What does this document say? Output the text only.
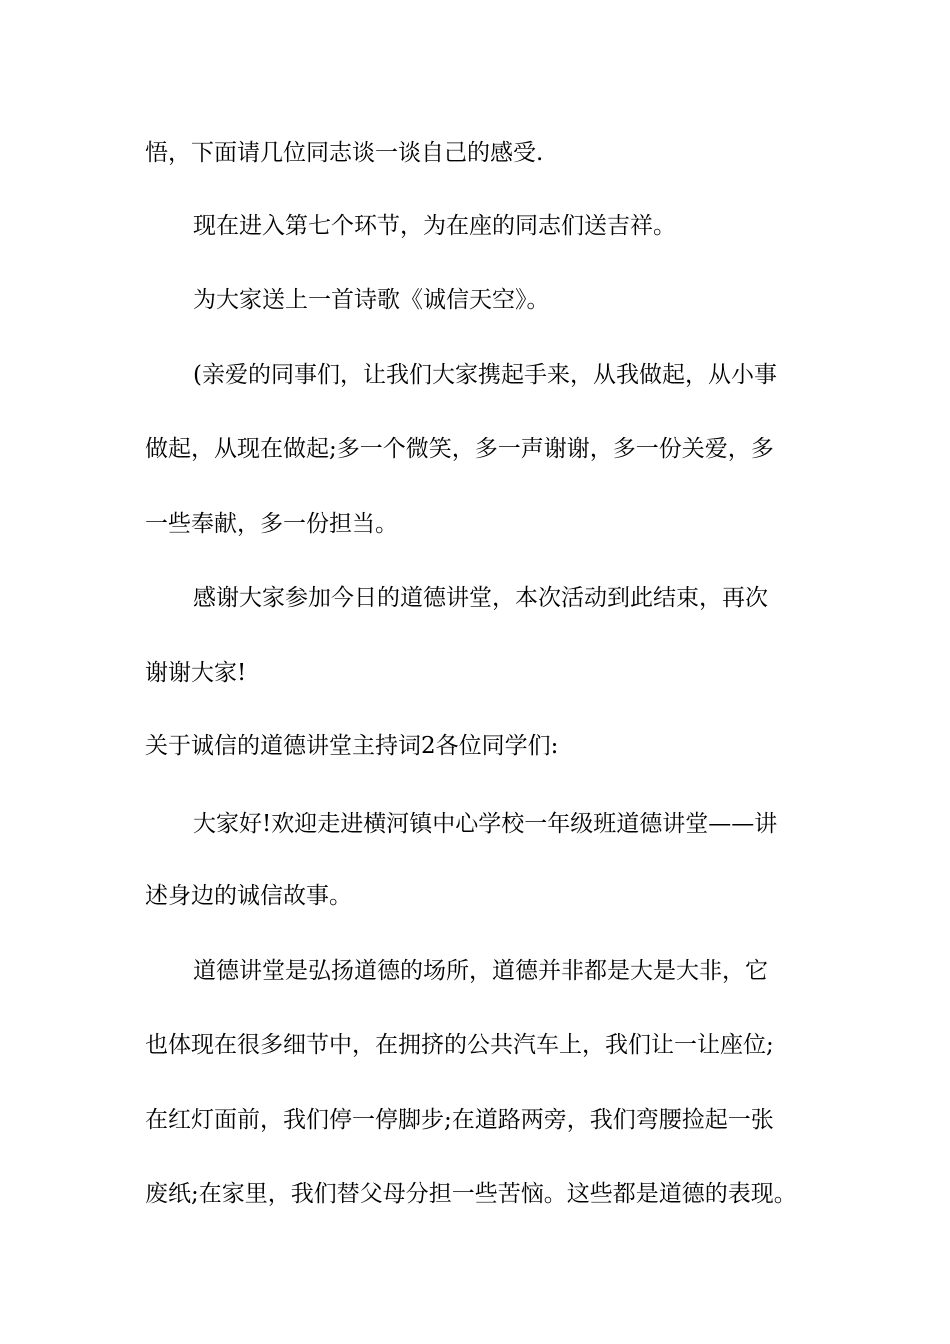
悟，下面请几位同志谈一谈自己的感受.
现在进入第七个环节，为在座的同志们送吉祥。
为大家送上一首诗歌《诚信天空》。
(亲爱的同事们，让我们大家携起手来，从我做起，从小事
做起，从现在做起;多一个微笑，多一声谢谢，多一份关爱，多
一些奉献，多一份担当。
感谢大家参加今日的道德讲堂，本次活动到此结束，再次
谢谢大家!
关于诚信的道德讲堂主持词2各位同学们:
大家好!欢迎走进横河镇中心学校一年级班道德讲堂——讲
述身边的诚信故事。
道德讲堂是弘扬道德的场所，道德并非都是大是大非，它
也体现在很多细节中，在拥挤的公共汽车上，我们让一让座位;
在红灯面前，我们停一停脚步;在道路两旁，我们弯腰捡起一张
废纸;在家里，我们替父母分担一些苦恼。这些都是道德的表现。
